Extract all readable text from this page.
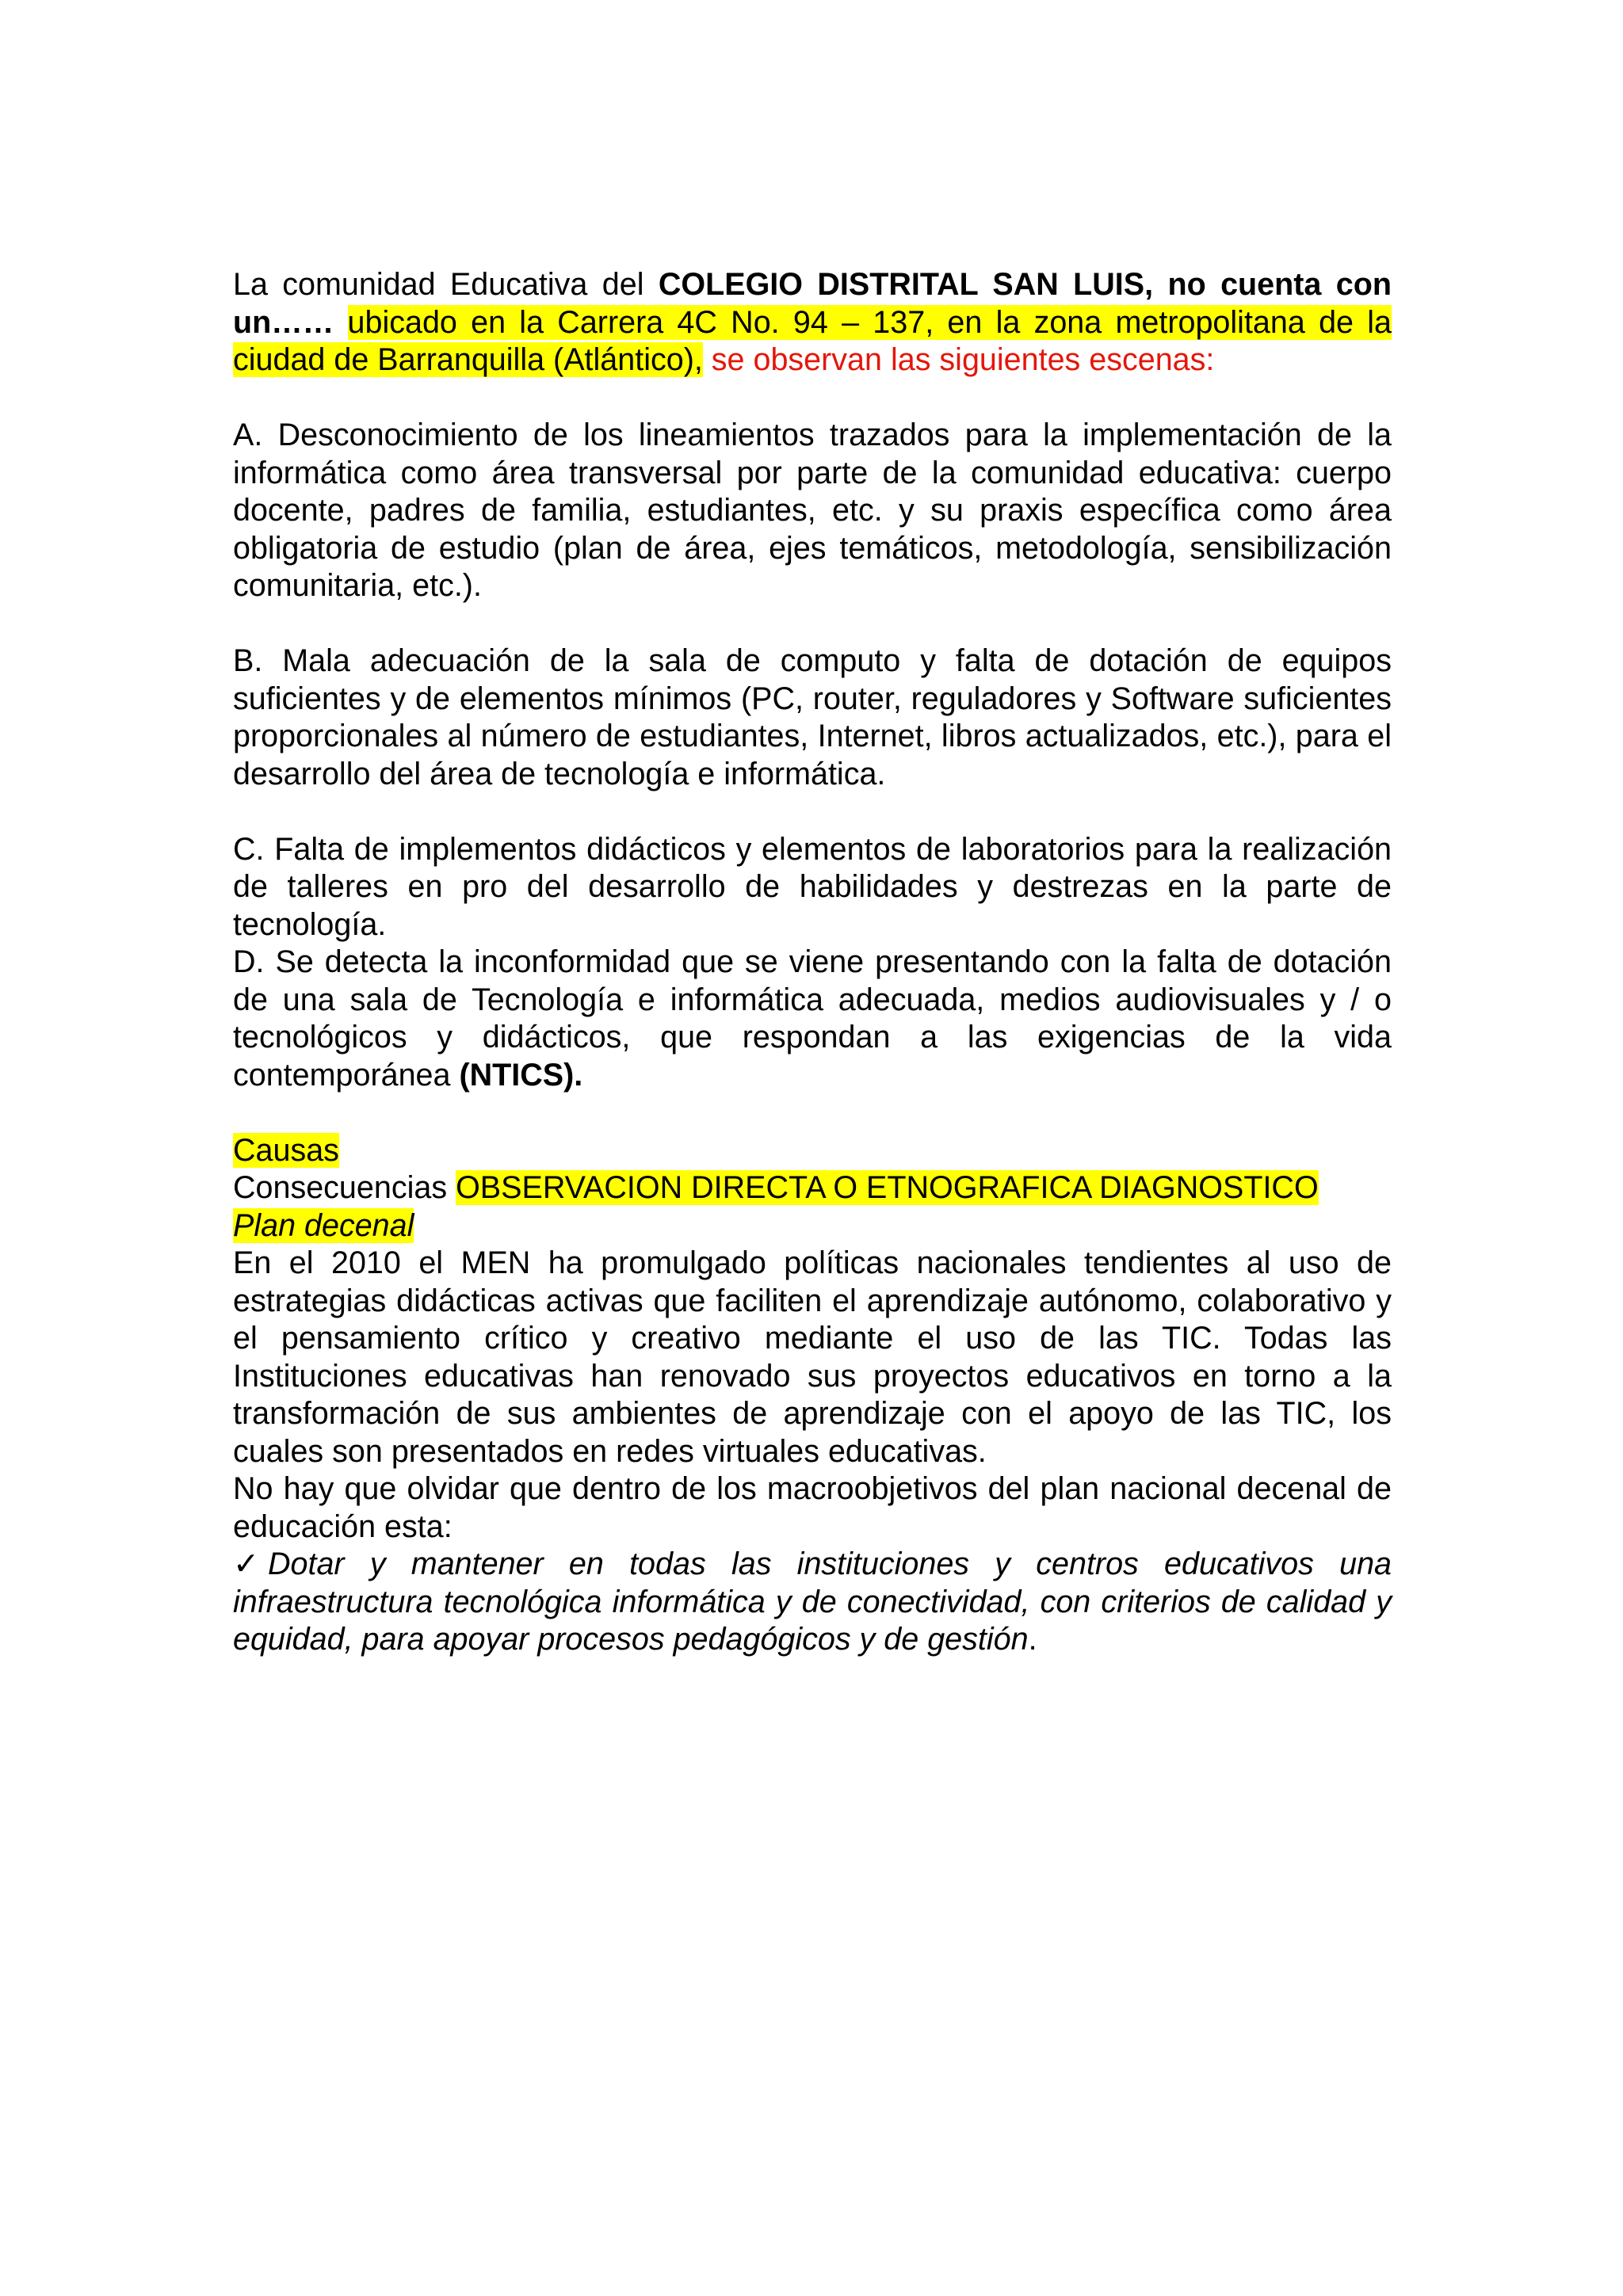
La comunidad Educativa del COLEGIO DISTRITAL SAN LUIS, no cuenta con un…… ubicado en la Carrera 4C No. 94 – 137, en la zona metropolitana de la ciudad de Barranquilla (Atlántico), se observan las siguientes escenas:

A. Desconocimiento de los lineamientos trazados para la implementación de la informática como área transversal por parte de la comunidad educativa: cuerpo docente, padres de familia, estudiantes, etc. y su praxis específica como área obligatoria de estudio (plan de área, ejes temáticos, metodología, sensibilización comunitaria, etc.).

B. Mala adecuación de la sala de computo y falta de dotación de equipos suficientes y de elementos mínimos (PC, router, reguladores y Software suficientes proporcionales al número de estudiantes, Internet, libros actualizados, etc.), para el desarrollo del área de tecnología e informática.

C. Falta de implementos didácticos y elementos de laboratorios para la realización de talleres en pro del desarrollo de habilidades y destrezas en la parte de tecnología.

D. Se detecta la inconformidad que se viene presentando con la falta de dotación de una sala de Tecnología e informática adecuada, medios audiovisuales y / o tecnológicos y didácticos, que respondan a las exigencias de la vida contemporánea (NTICS).

Causas

Consecuencias OBSERVACION DIRECTA O ETNOGRAFICA DIAGNOSTICO

Plan decenal

En el 2010 el MEN ha promulgado políticas nacionales tendientes al uso de estrategias didácticas activas que faciliten el aprendizaje autónomo, colaborativo y el pensamiento crítico y creativo mediante el uso de las TIC. Todas las Instituciones educativas han renovado sus proyectos educativos en torno a la transformación de sus ambientes de aprendizaje con el apoyo de las TIC, los cuales son presentados en redes virtuales educativas.

No hay que olvidar que dentro de los macroobjetivos del plan nacional decenal de educación esta:

✓ Dotar y mantener en todas las instituciones y centros educativos una infraestructura tecnológica informática y de conectividad, con criterios de calidad y equidad, para apoyar procesos pedagógicos y de gestión.
